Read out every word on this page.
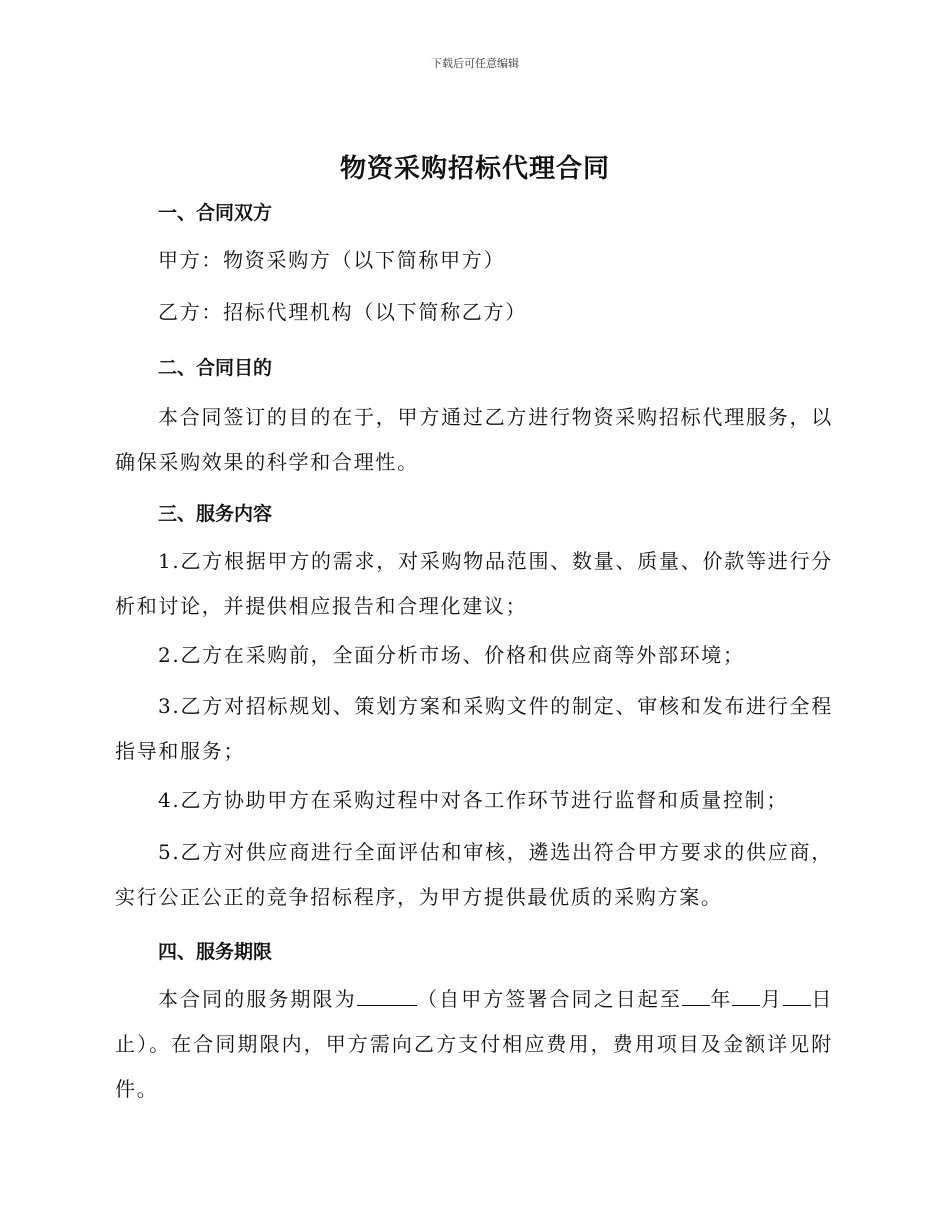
下载后可任意编辑
物资采购招标代理合同
一、合同双方
甲方：物资采购方（以下简称甲方）
乙方：招标代理机构（以下简称乙方）
二、合同目的
本合同签订的目的在于，甲方通过乙方进行物资采购招标代理服务，以确保采购效果的科学和合理性。
三、服务内容
1.乙方根据甲方的需求，对采购物品范围、数量、质量、价款等进行分析和讨论，并提供相应报告和合理化建议；
2.乙方在采购前，全面分析市场、价格和供应商等外部环境；
3.乙方对招标规划、策划方案和采购文件的制定、审核和发布进行全程指导和服务；
4.乙方协助甲方在采购过程中对各工作环节进行监督和质量控制；
5.乙方对供应商进行全面评估和审核，遴选出符合甲方要求的供应商，实行公正公正的竞争招标程序，为甲方提供最优质的采购方案。
四、服务期限
本合同的服务期限为	（自甲方签署合同之日起至 年 月 日止）。在合同期限内，甲方需向乙方支付相应费用，费用项目及金额详见附件。
